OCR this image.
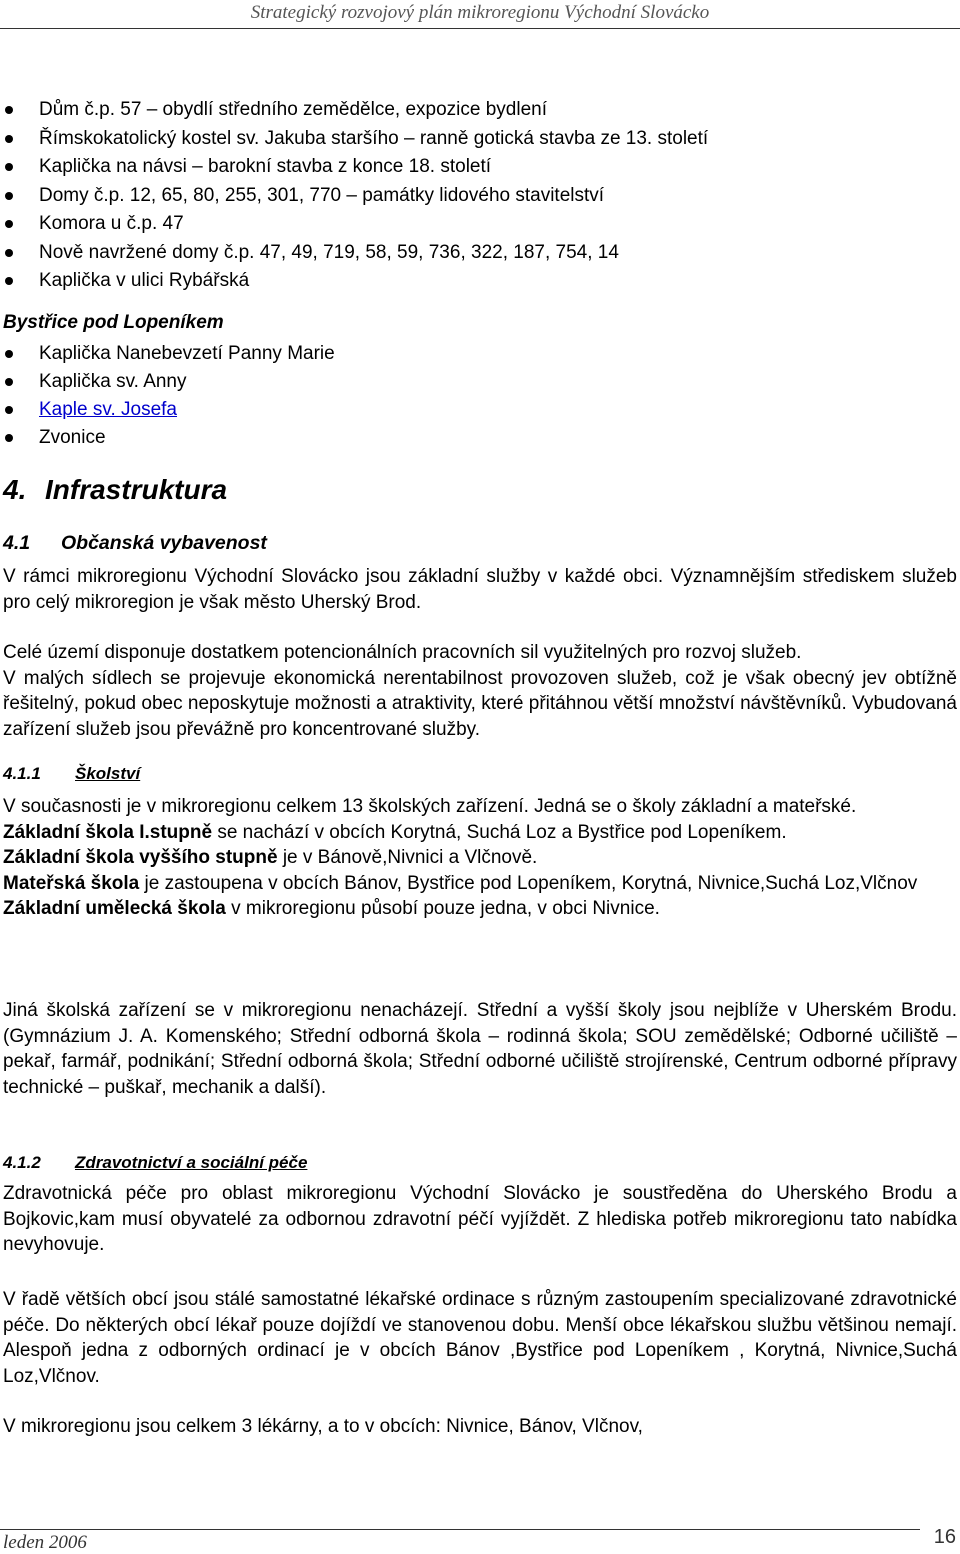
Strategický rozvojový plán mikroregionu Východní Slovácko
Dům č.p. 57 – obydlí středního zemědělce, expozice bydlení
Římskokatolický kostel sv. Jakuba staršího – ranně gotická stavba ze 13. století
Kaplička na návsi – barokní stavba z konce 18. století
Domy č.p. 12, 65, 80, 255, 301, 770 – památky lidového stavitelství
Komora u č.p. 47
Nově navržené domy č.p. 47, 49, 719, 58, 59, 736, 322, 187, 754, 14
Kaplička v ulici Rybářská
Bystřice pod Lopeníkem
Kaplička Nanebevzetí Panny Marie
Kaplička sv. Anny
Kaple sv. Josefa
Zvonice
4. Infrastruktura
4.1 Občanská vybavenost

V rámci mikroregionu Východní Slovácko jsou základní služby v každé obci. Významnějším střediskem služeb pro celý mikroregion je však město Uherský Brod.

Celé území disponuje dostatkem potencionálních pracovních sil využitelných pro rozvoj služeb.

V malých sídlech se projevuje ekonomická nerentabilnost provozoven služeb, což je však obecný jev obtížně řešitelný, pokud obec neposkytuje možnosti a atraktivity, které přitáhnou větší množství návštěvníků. Vybudovaná zařízení služeb jsou převážně pro koncentrované služby.

4.1.1 Školství

V současnosti je v mikroregionu celkem 13 školských zařízení. Jedná se o školy základní a mateřské.

Základní škola I.stupně se nachází v obcích Korytná, Suchá Loz a Bystřice pod Lopeníkem.

Základní škola vyššího stupně je v Bánově,Nivnici a Vlčnově.

Mateřská škola je zastoupena v obcích Bánov, Bystřice pod Lopeníkem, Korytná, Nivnice,Suchá Loz,Vlčnov

Základní umělecká škola v mikroregionu působí pouze jedna, v obci Nivnice.

Jiná školská zařízení se v mikroregionu nenacházejí. Střední a vyšší školy jsou nejblíže v Uherském Brodu. (Gymnázium J. A. Komenského; Střední odborná škola – rodinná škola; SOU zemědělské; Odborné učiliště – pekař, farmář, podnikání; Střední odborná škola; Střední odborné učiliště strojírenské, Centrum odborné přípravy technické – puškař, mechanik a další).

4.1.2 Zdravotnictví a sociální péče

Zdravotnická péče pro oblast mikroregionu Východní Slovácko je soustředěna do Uherského Brodu a Bojkovic,kam musí obyvatelé za odbornou zdravotní péčí vyjíždět. Z hlediska potřeb mikroregionu tato nabídka nevyhovuje.

V řadě větších obcí jsou stálé samostatné lékařské ordinace s různým zastoupením specializované zdravotnické péče. Do některých obcí lékař pouze dojíždí ve stanovenou dobu. Menší obce lékařskou službu většinou nemají. Alespoň jedna z odborných ordinací je v obcích Bánov ,Bystřice pod Lopeníkem , Korytná, Nivnice,Suchá Loz,Vlčnov.

V mikroregionu jsou celkem 3 lékárny, a to v obcích: Nivnice, Bánov, Vlčnov,

leden 2006	16
